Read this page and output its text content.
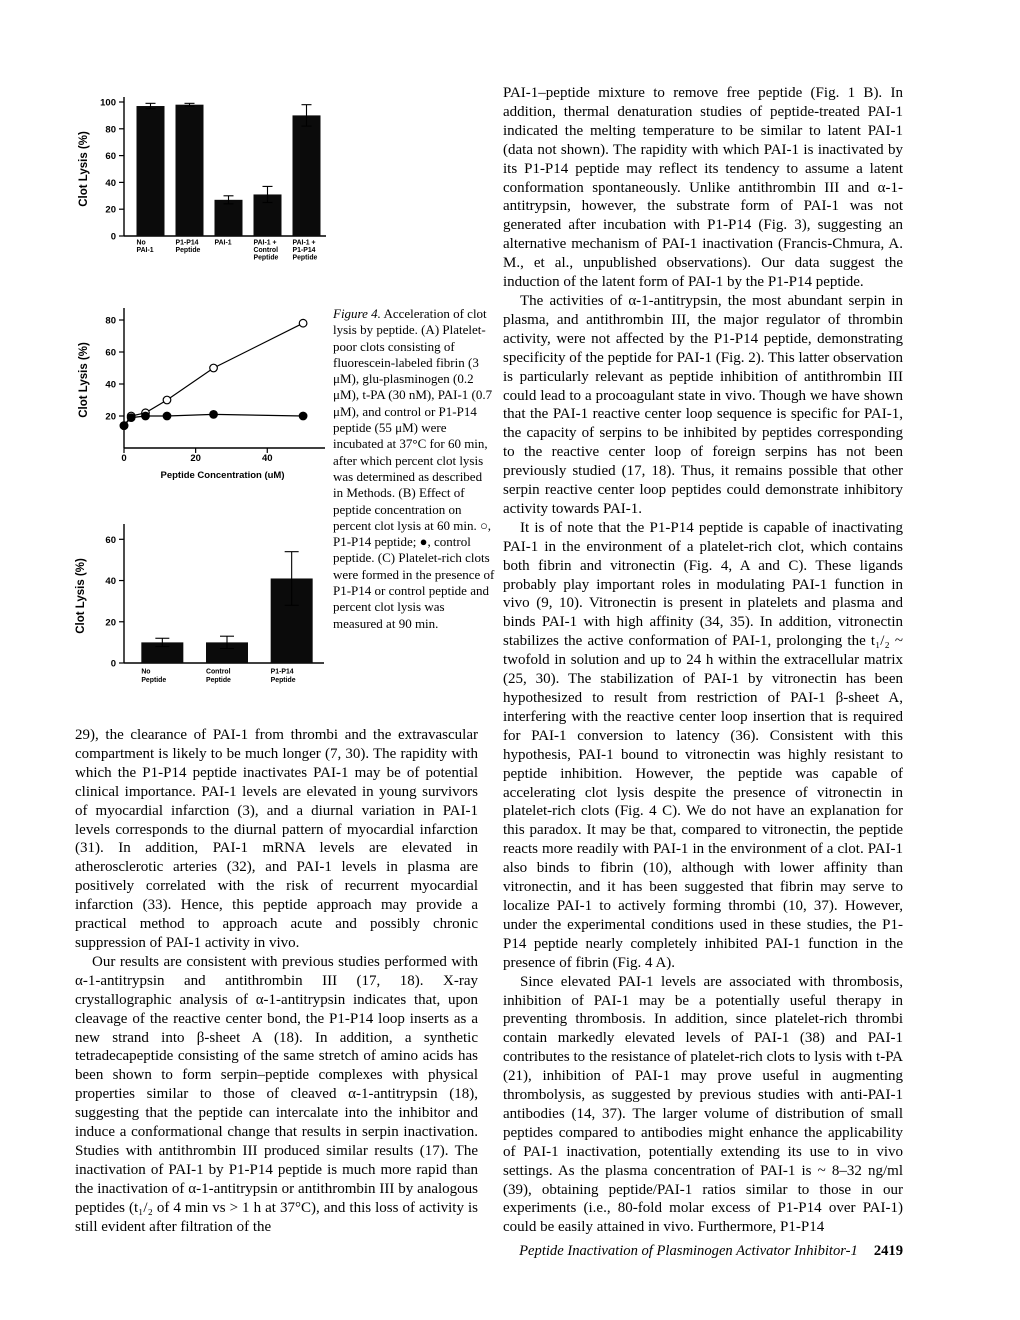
0
20
40
60
80
100
Clot Lysis (%)
No
PAI-1
P1-P14
Peptide
PAI-1	PAI-1 +
Control
Peptide
PAI-1 +
P1-P14
Peptide
20
40
60
80
0	20	40
Clot Lysis (%)
Peptide Concentration (uM)
0
20
40
60
Clot Lysis (%)
No
Peptide
Control
Peptide
P1-P14
Peptide
Figure 4. Acceleration of clot lysis by peptide. (A) Platelet-poor clots consisting of fluorescein-labeled fibrin (3 μM), glu-plasminogen (0.2 μM), t-PA (30 nM), PAI-1 (0.7 μM), and control or P1-P14 peptide (55 μM) were incubated at 37°C for 60 min, after which percent clot lysis was determined as described in Methods. (B) Effect of peptide concentration on percent clot lysis at 60 min. ○, P1-P14 peptide; ●, control peptide. (C) Platelet-rich clots were formed in the presence of P1-P14 or control peptide and percent clot lysis was measured at 90 min.

29), the clearance of PAI-1 from thrombi and the extravascular compartment is likely to be much longer (7, 30). The rapidity with which the P1-P14 peptide inactivates PAI-1 may be of potential clinical importance. PAI-1 levels are elevated in young survivors of myocardial infarction (3), and a diurnal variation in PAI-1 levels corresponds to the diurnal pattern of myocardial infarction (31). In addition, PAI-1 mRNA levels are elevated in atherosclerotic arteries (32), and PAI-1 levels in plasma are positively correlated with the risk of recurrent myocardial infarction (33). Hence, this peptide approach may provide a practical method to approach acute and possibly chronic suppression of PAI-1 activity in vivo.

Our results are consistent with previous studies performed with α-1-antitrypsin and antithrombin III (17, 18). X-ray crystallographic analysis of α-1-antitrypsin indicates that, upon cleavage of the reactive center bond, the P1-P14 loop inserts as a new strand into β-sheet A (18). In addition, a synthetic tetradecapeptide consisting of the same stretch of amino acids has been shown to form serpin–peptide complexes with physical properties similar to those of cleaved α-1-antitrypsin (18), suggesting that the peptide can intercalate into the inhibitor and induce a conformational change that results in serpin inactivation. Studies with antithrombin III produced similar results (17). The inactivation of PAI-1 by P1-P14 peptide is much more rapid than the inactivation of α-1-antitrypsin or antithrombin III by analogous peptides (t₁/₂ of 4 min vs > 1 h at 37°C), and this loss of activity is still evident after filtration of the

PAI-1–peptide mixture to remove free peptide (Fig. 1 B). In addition, thermal denaturation studies of peptide-treated PAI-1 indicated the melting temperature to be similar to latent PAI-1 (data not shown). The rapidity with which PAI-1 is inactivated by its P1-P14 peptide may reflect its tendency to assume a latent conformation spontaneously. Unlike antithrombin III and α-1-antitrypsin, however, the substrate form of PAI-1 was not generated after incubation with P1-P14 (Fig. 3), suggesting an alternative mechanism of PAI-1 inactivation (Francis-Chmura, A. M., et al., unpublished observations). Our data suggest the induction of the latent form of PAI-1 by the P1-P14 peptide.

The activities of α-1-antitrypsin, the most abundant serpin in plasma, and antithrombin III, the major regulator of thrombin activity, were not affected by the P1-P14 peptide, demonstrating specificity of the peptide for PAI-1 (Fig. 2). This latter observation is particularly relevant as peptide inhibition of antithrombin III could lead to a procoagulant state in vivo. Though we have shown that the PAI-1 reactive center loop sequence is specific for PAI-1, the capacity of serpins to be inhibited by peptides corresponding to the reactive center loop of foreign serpins has not been previously studied (17, 18). Thus, it remains possible that other serpin reactive center loop peptides could demonstrate inhibitory activity towards PAI-1.

It is of note that the P1-P14 peptide is capable of inactivating PAI-1 in the environment of a platelet-rich clot, which contains both fibrin and vitronectin (Fig. 4, A and C). These ligands probably play important roles in modulating PAI-1 function in vivo (9, 10). Vitronectin is present in platelets and plasma and binds PAI-1 with high affinity (34, 35). In addition, vitronectin stabilizes the active conformation of PAI-1, prolonging the t₁/₂ ~ twofold in solution and up to 24 h within the extracellular matrix (25, 30). The stabilization of PAI-1 by vitronectin has been hypothesized to result from restriction of PAI-1 β-sheet A, interfering with the reactive center loop insertion that is required for PAI-1 conversion to latency (36). Consistent with this hypothesis, PAI-1 bound to vitronectin was highly resistant to peptide inhibition. However, the peptide was capable of accelerating clot lysis despite the presence of vitronectin in platelet-rich clots (Fig. 4 C). We do not have an explanation for this paradox. It may be that, compared to vitronectin, the peptide reacts more readily with PAI-1 in the environment of a clot. PAI-1 also binds to fibrin (10), although with lower affinity than vitronectin, and it has been suggested that fibrin may serve to localize PAI-1 to actively forming thrombi (10, 37). However, under the experimental conditions used in these studies, the P1-P14 peptide nearly completely inhibited PAI-1 function in the presence of fibrin (Fig. 4 A).

Since elevated PAI-1 levels are associated with thrombosis, inhibition of PAI-1 may be a potentially useful therapy in preventing thrombosis. In addition, since platelet-rich thrombi contain markedly elevated levels of PAI-1 (38) and PAI-1 contributes to the resistance of platelet-rich clots to lysis with t-PA (21), inhibition of PAI-1 may prove useful in augmenting thrombolysis, as suggested by previous studies with anti-PAI-1 antibodies (14, 37). The larger volume of distribution of small peptides compared to antibodies might enhance the applicability of PAI-1 inactivation, potentially extending its use to in vivo settings. As the plasma concentration of PAI-1 is ~ 8–32 ng/ml (39), obtaining peptide/PAI-1 ratios similar to those in our experiments (i.e., 80-fold molar excess of P1-P14 over PAI-1) could be easily attained in vivo. Furthermore, P1-P14

Peptide Inactivation of Plasminogen Activator Inhibitor-1 2419
